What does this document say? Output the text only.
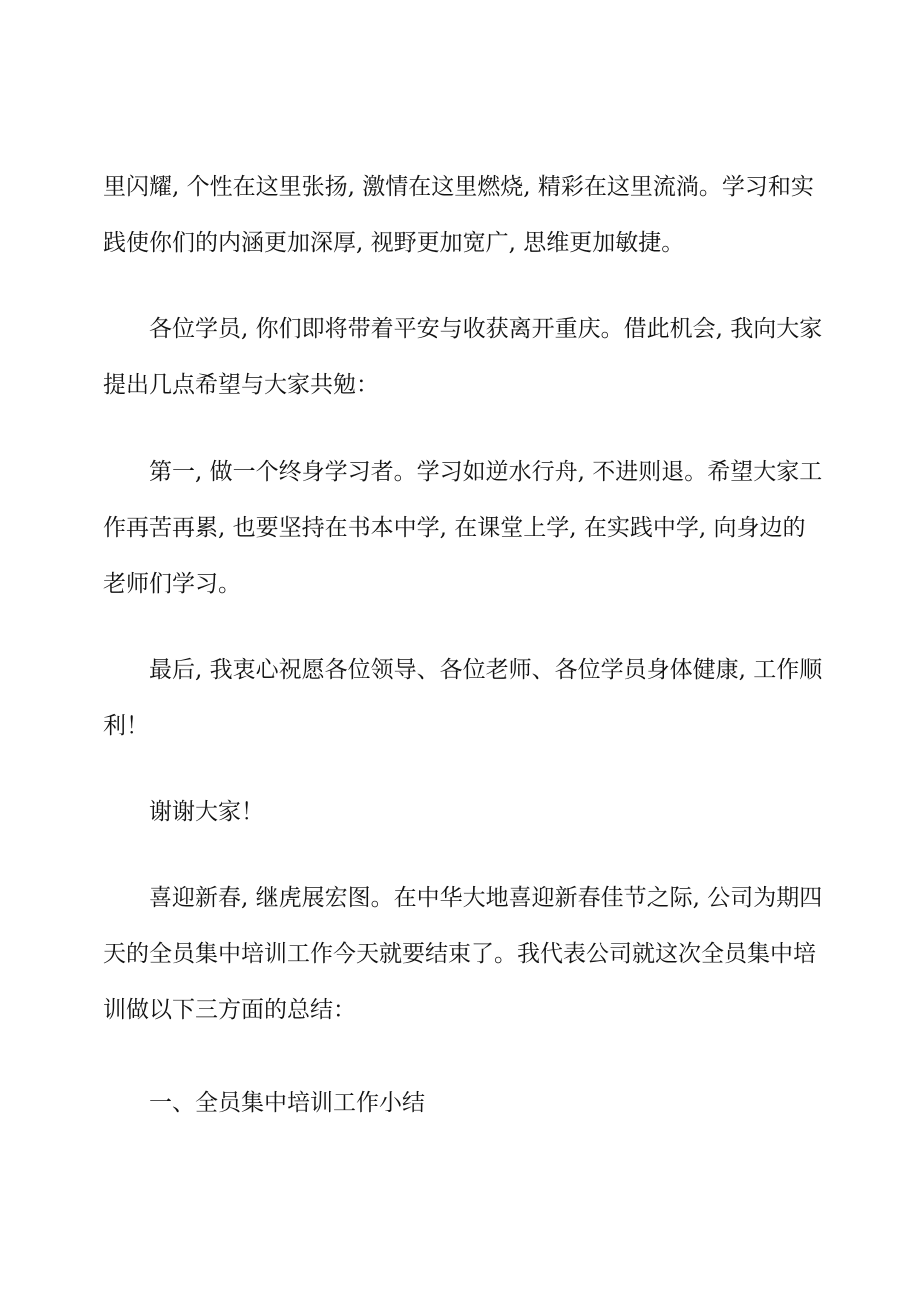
里闪耀, 个性在这里张扬, 激情在这里燃烧, 精彩在这里流淌。学习和实

践使你们的内涵更加深厚, 视野更加宽广, 思维更加敏捷。

各位学员, 你们即将带着平安与收获离开重庆。借此机会, 我向大家

提出几点希望与大家共勉：

第一, 做一个终身学习者。学习如逆水行舟, 不进则退。希望大家工

作再苦再累, 也要坚持在书本中学, 在课堂上学, 在实践中学, 向身边的

老师们学习。

最后, 我衷心祝愿各位领导、各位老师、各位学员身体健康, 工作顺

利！

谢谢大家！

喜迎新春, 继虎展宏图。在中华大地喜迎新春佳节之际, 公司为期四

天的全员集中培训工作今天就要结束了。我代表公司就这次全员集中培

训做以下三方面的总结：

一、全员集中培训工作小结
